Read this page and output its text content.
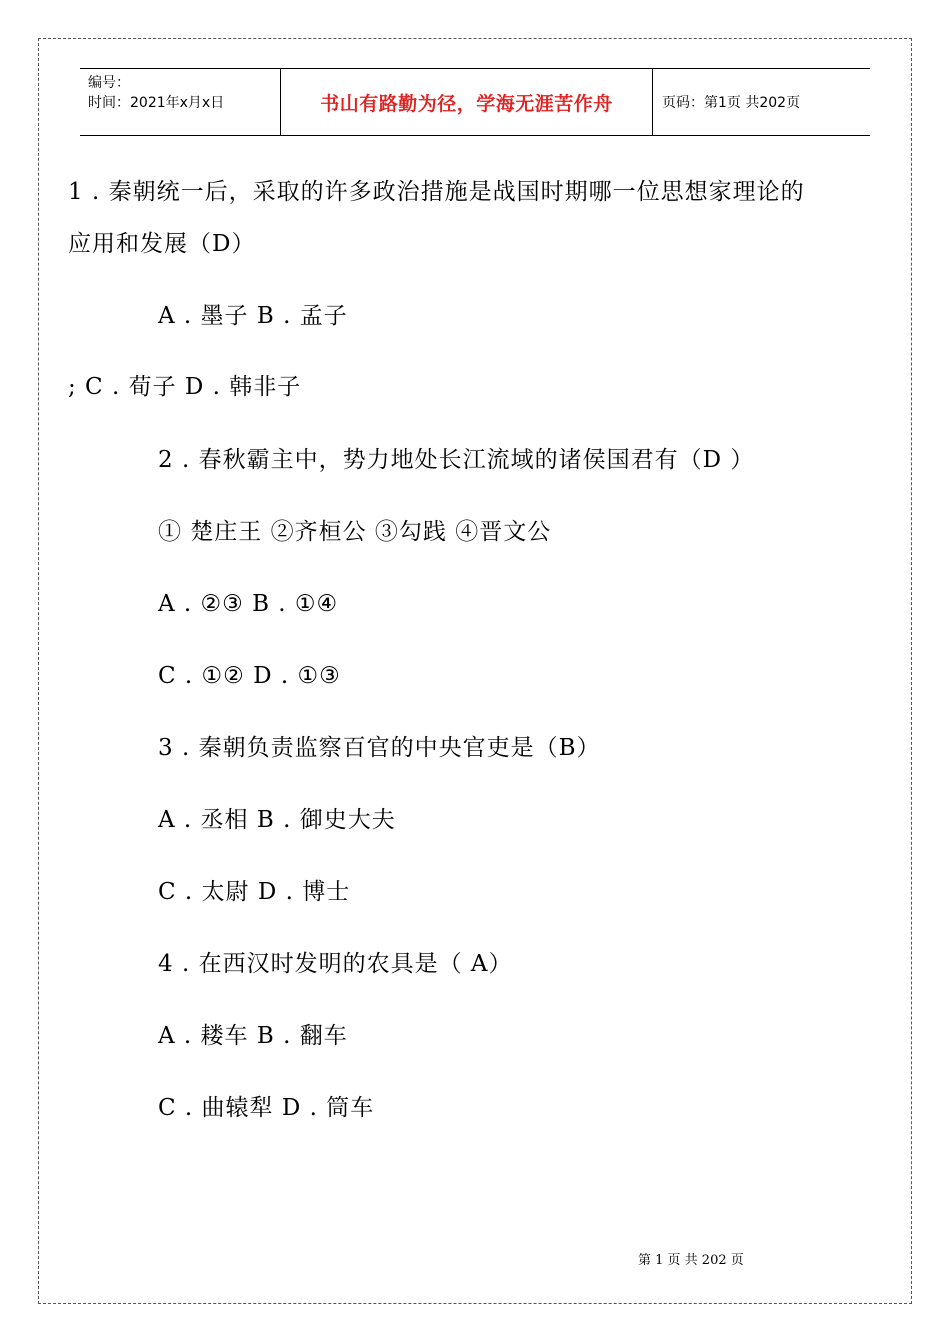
编号：
时间：2021年x月x日	书山有路勤为径，学海无涯苦作舟	页码：第1页 共202页
1 . 秦朝统一后，采取的许多政治措施是战国时期哪一位思想家理论的
应用和发展（D）
A . 墨子 B . 孟子
; C . 荀子 D . 韩非子
2 . 春秋霸主中，势力地处长江流域的诸侯国君有（D ）
① 楚庄王 ②齐桓公 ③勾践 ④晋文公
A . ②③ B . ①④
C . ①② D . ①③
3 . 秦朝负责监察百官的中央官吏是（B）
A . 丞相 B . 御史大夫
C . 太尉 D . 博士
4 . 在西汉时发明的农具是（ A）
A . 耧车 B . 翻车
C . 曲辕犁 D . 筒车
第 1 页 共 202 页
